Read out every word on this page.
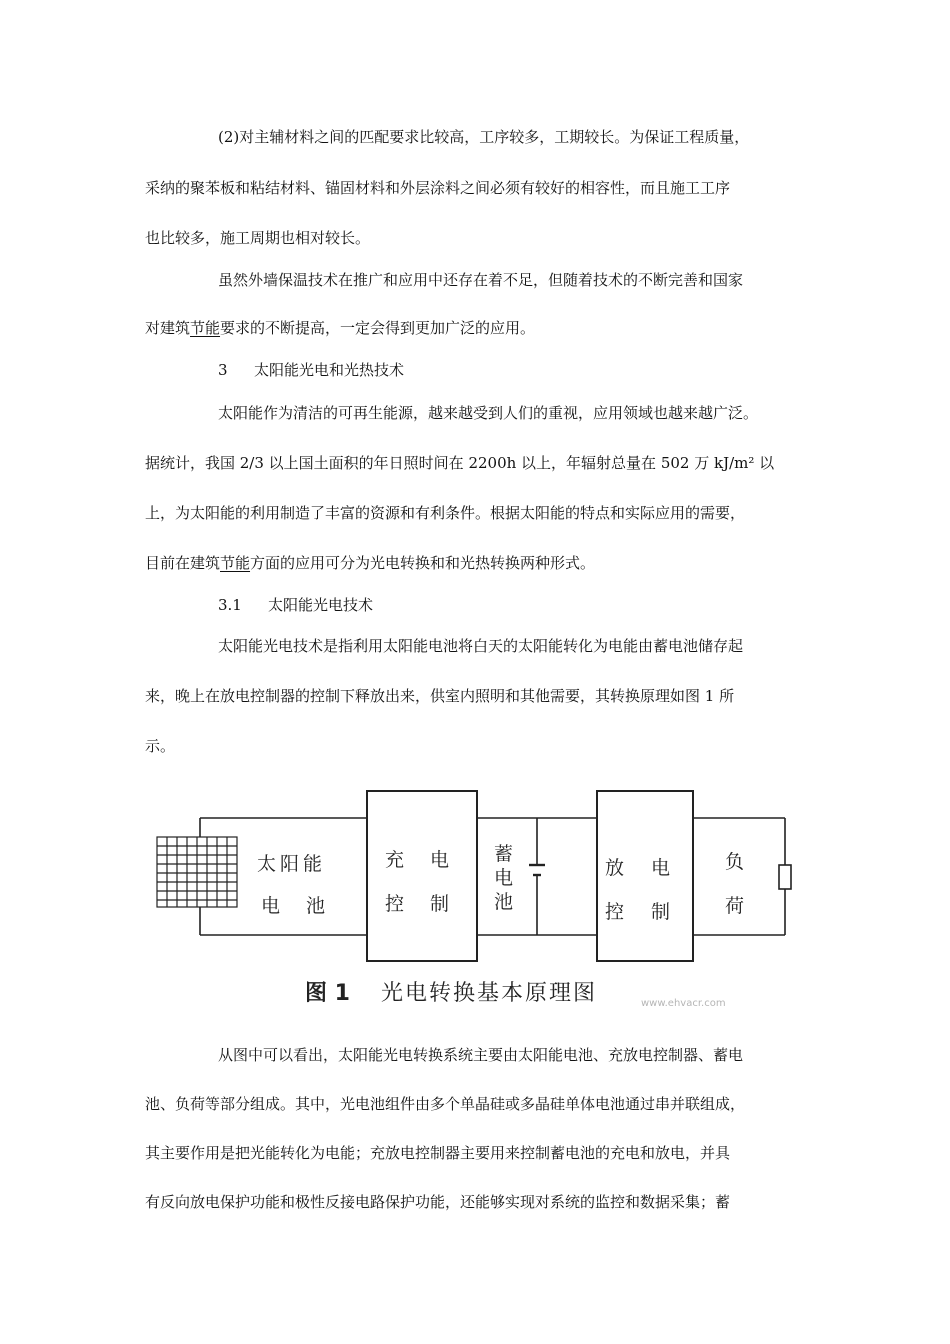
(2)对主辅材料之间的匹配要求比较高，工序较多，工期较长。为保证工程质量，
采纳的聚苯板和粘结材料、锚固材料和外层涂料之间必须有较好的相容性，而且施工工序
也比较多，施工周期也相对较长。
虽然外墙保温技术在推广和应用中还存在着不足，但随着技术的不断完善和国家
对建筑节能要求的不断提高，一定会得到更加广泛的应用。
3 太阳能光电和光热技术
太阳能作为清洁的可再生能源，越来越受到人们的重视，应用领域也越来越广泛。
据统计，我国 2/3 以上国土面积的年日照时间在 2200h 以上，年辐射总量在 502 万 kJ/m² 以
上，为太阳能的利用制造了丰富的资源和有利条件。根据太阳能的特点和实际应用的需要，
目前在建筑节能方面的应用可分为光电转换和和光热转换两种形式。
3.1 太阳能光电技术
太阳能光电技术是指利用太阳能电池将白天的太阳能转化为电能由蓄电池储存起
来，晚上在放电控制器的控制下释放出来，供室内照明和其他需要，其转换原理如图 1 所
示。
太阳能
电 池
充 电
控 制
蓄
电
池
放　电
控　制
负
荷
图 1 光电转换基本原理图	www.ehvacr.com
从图中可以看出，太阳能光电转换系统主要由太阳能电池、充放电控制器、蓄电
池、负荷等部分组成。其中，光电池组件由多个单晶硅或多晶硅单体电池通过串并联组成，
其主要作用是把光能转化为电能；充放电控制器主要用来控制蓄电池的充电和放电，并具
有反向放电保护功能和极性反接电路保护功能，还能够实现对系统的监控和数据采集；蓄
